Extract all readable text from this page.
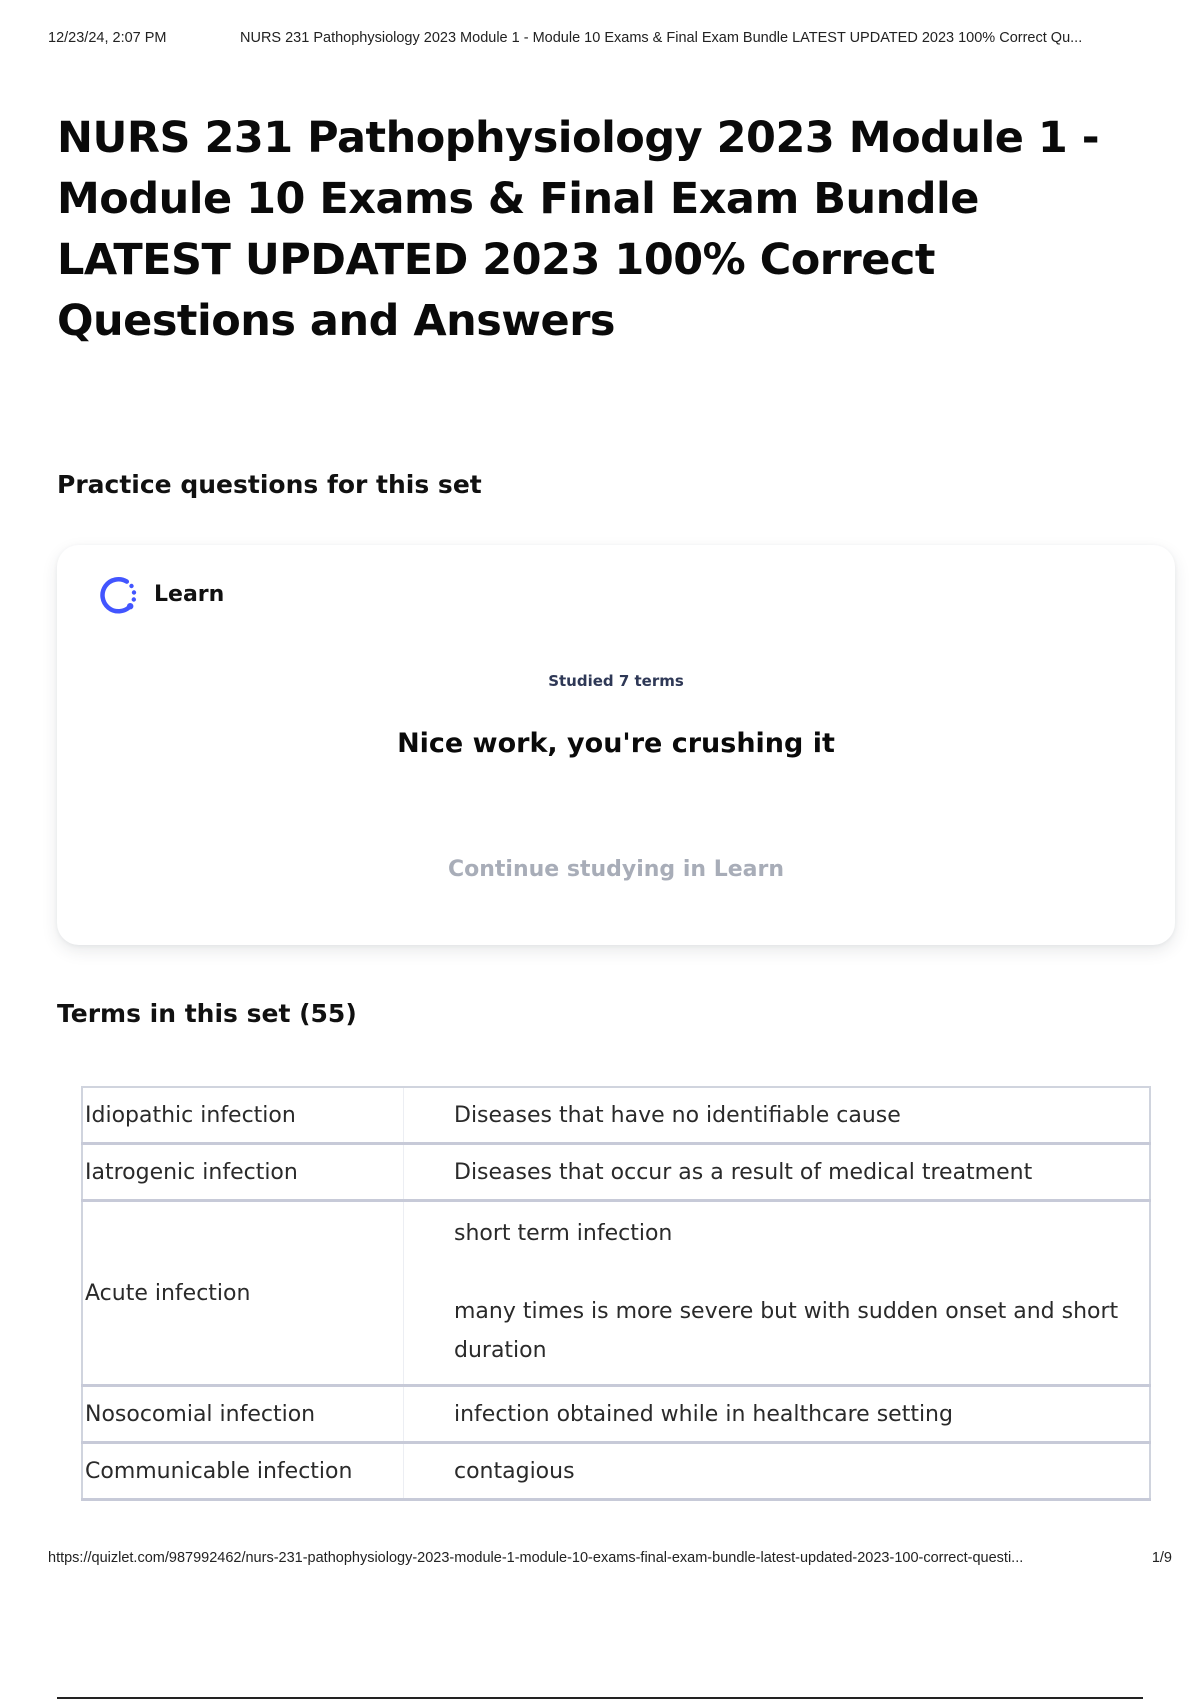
12/23/24, 2:07 PM	NURS 231 Pathophysiology 2023 Module 1 - Module 10 Exams & Final Exam Bundle LATEST UPDATED 2023 100% Correct Qu...
NURS 231 Pathophysiology 2023 Module 1 - Module 10 Exams & Final Exam Bundle LATEST UPDATED 2023 100% Correct Questions and Answers
Practice questions for this set
Learn
Studied 7 terms
Nice work, you're crushing it
Continue studying in Learn
Terms in this set (55)
Idiopathic infection	Diseases that have no identifiable cause
Iatrogenic infection	Diseases that occur as a result of medical treatment
Acute infection	short term infection
many times is more severe but with sudden onset and short duration

Nosocomial infection	infection obtained while in healthcare setting
Communicable infection	contagious
https://quizlet.com/987992462/nurs-231-pathophysiology-2023-module-1-module-10-exams-final-exam-bundle-latest-updated-2023-100-correct-questi...	1/9
